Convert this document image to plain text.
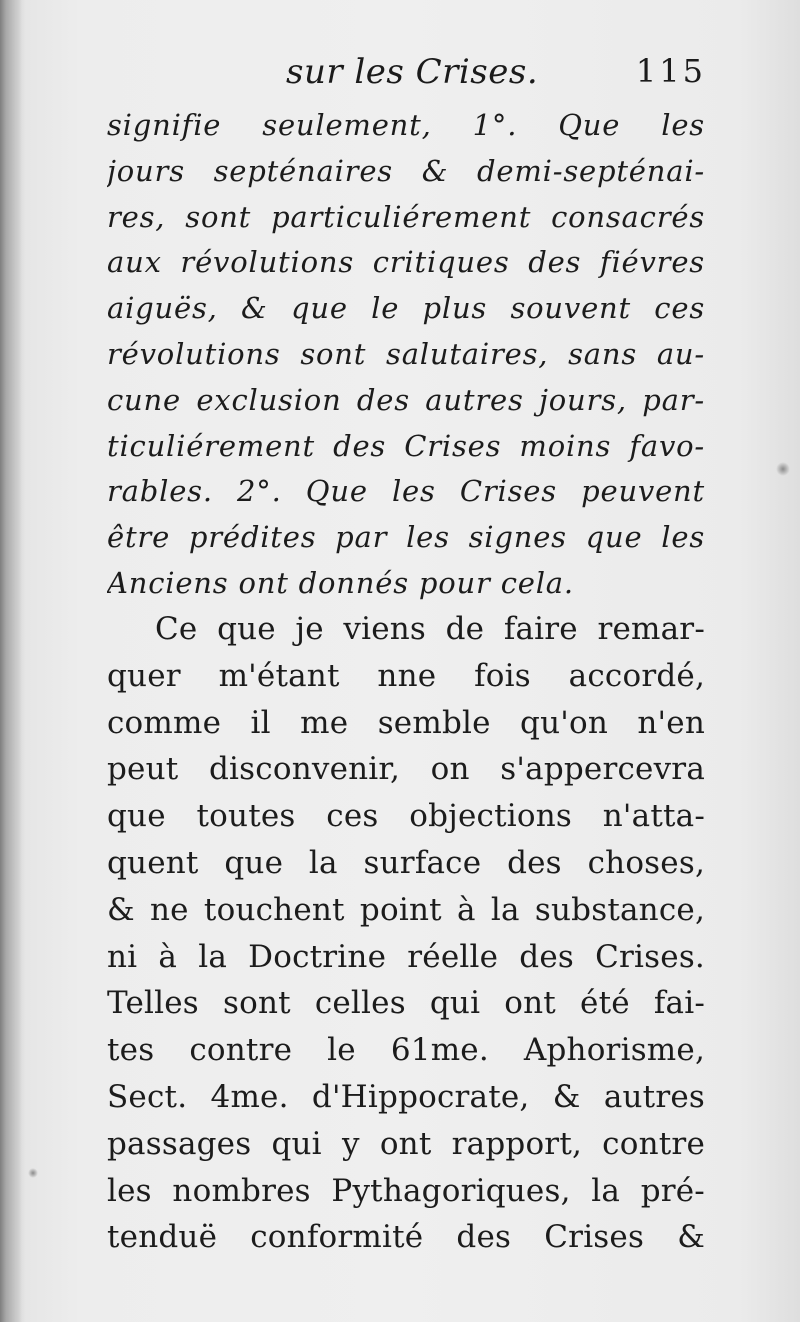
sur les Crises.	115
signifie seulement, 1°. Que les
jours septénaires & demi-septénai-
res, sont particuliérement consacrés
aux révolutions critiques des fiévres
aiguës, & que le plus souvent ces
révolutions sont salutaires, sans au-
cune exclusion des autres jours, par-
ticuliérement des Crises moins favo-
rables. 2°. Que les Crises peuvent
être prédites par les signes que les
Anciens ont donnés pour cela.
Ce que je viens de faire remar-
quer m'étant nne fois accordé,
comme il me semble qu'on n'en
peut disconvenir, on s'appercevra
que toutes ces objections n'atta-
quent que la surface des choses,
& ne touchent point à la substance,
ni à la Doctrine réelle des Crises.
Telles sont celles qui ont été fai-
tes contre le 61me. Aphorisme,
Sect. 4me. d'Hippocrate, & autres
passages qui y ont rapport, contre
les nombres Pythagoriques, la pré-
tenduë conformité des Crises &
